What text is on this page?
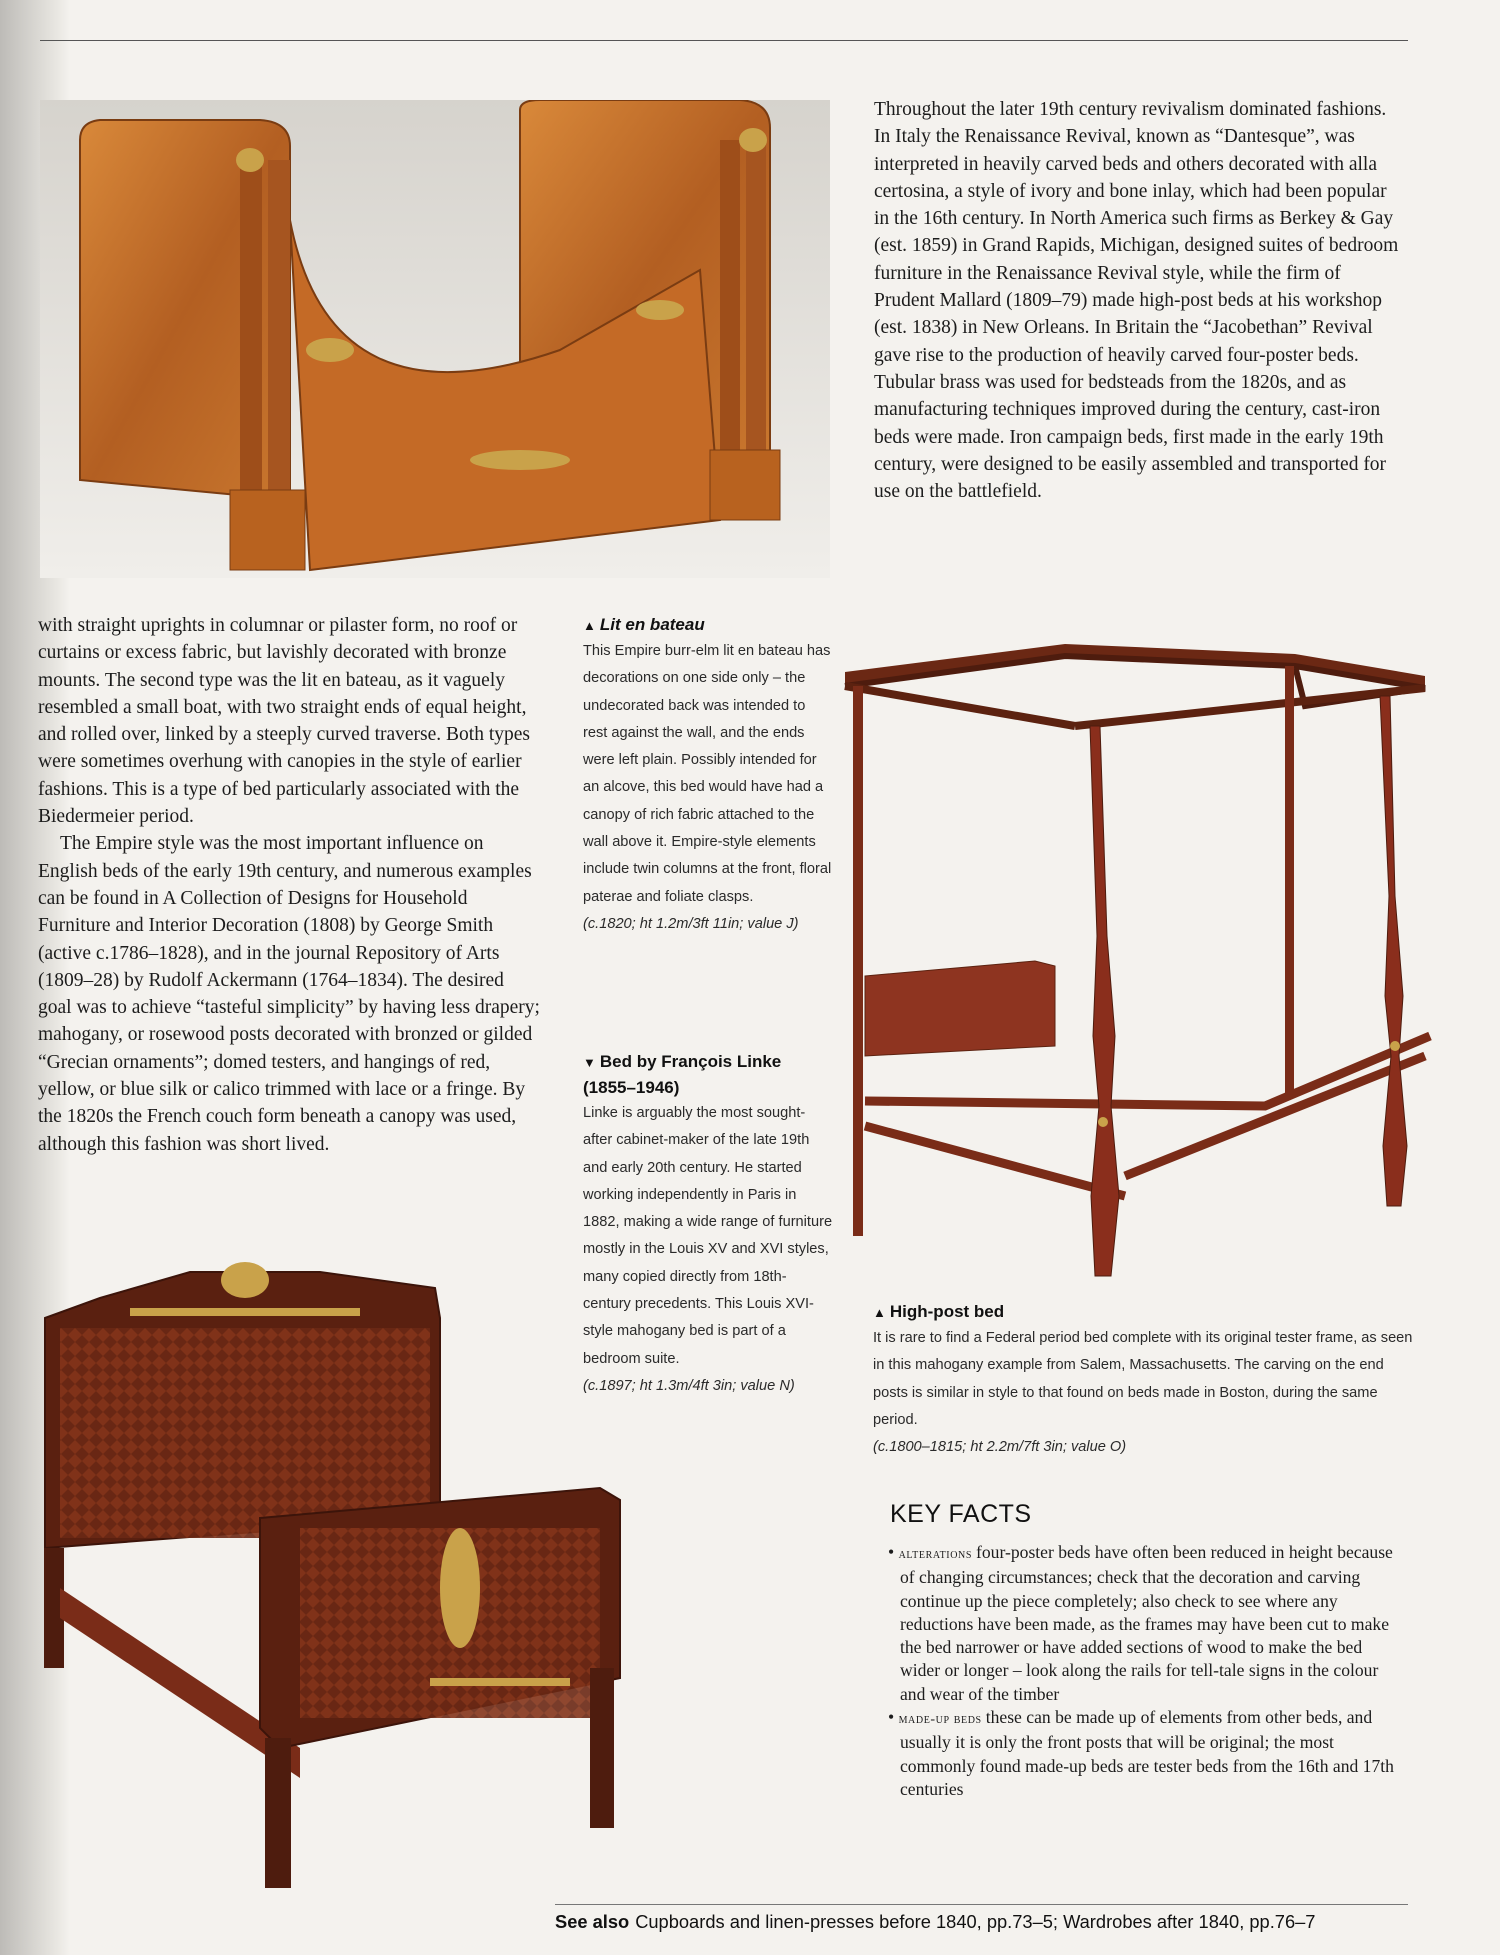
Throughout the later 19th century revivalism dominated fashions. In Italy the Renaissance Revival, known as “Dantesque”, was interpreted in heavily carved beds and others decorated with alla certosina, a style of ivory and bone inlay, which had been popular in the 16th century. In North America such firms as Berkey & Gay (est. 1859) in Grand Rapids, Michigan, designed suites of bedroom furniture in the Renaissance Revival style, while the firm of Prudent Mallard (1809–79) made high-post beds at his workshop (est. 1838) in New Orleans. In Britain the “Jacobethan” Revival gave rise to the production of heavily carved four-poster beds. Tubular brass was used for bedsteads from the 1820s, and as manufacturing techniques improved during the century, cast-iron beds were made. Iron campaign beds, first made in the early 19th century, were designed to be easily assembled and transported for use on the battlefield.

with straight uprights in columnar or pilaster form, no roof or curtains or excess fabric, but lavishly decorated with bronze mounts. The second type was the lit en bateau, as it vaguely resembled a small boat, with two straight ends of equal height, and rolled over, linked by a steeply curved traverse. Both types were sometimes overhung with canopies in the style of earlier fashions. This is a type of bed particularly associated with the Biedermeier period.

The Empire style was the most important influence on English beds of the early 19th century, and numerous examples can be found in A Collection of Designs for Household Furniture and Interior Decoration (1808) by George Smith (active c.1786–1828), and in the journal Repository of Arts (1809–28) by Rudolf Ackermann (1764–1834). The desired goal was to achieve “tasteful simplicity” by having less drapery; mahogany, or rosewood posts decorated with bronzed or gilded “Grecian ornaments”; domed testers, and hangings of red, yellow, or blue silk or calico trimmed with lace or a fringe. By the 1820s the French couch form beneath a canopy was used, although this fashion was short lived.

▲ Lit en bateau
This Empire burr-elm lit en bateau has decorations on one side only – the undecorated back was intended to rest against the wall, and the ends were left plain. Possibly intended for an alcove, this bed would have had a canopy of rich fabric attached to the wall above it. Empire-style elements include twin columns at the front, floral paterae and foliate clasps.
(c.1820; ht 1.2m/3ft 11in; value J)
▼ Bed by François Linke (1855–1946)
Linke is arguably the most sought-after cabinet-maker of the late 19th and early 20th century. He started working independently in Paris in 1882, making a wide range of furniture mostly in the Louis XV and XVI styles, many copied directly from 18th-century precedents. This Louis XVI-style mahogany bed is part of a bedroom suite.
(c.1897; ht 1.3m/4ft 3in; value N)
▲ High-post bed
It is rare to find a Federal period bed complete with its original tester frame, as seen in this mahogany example from Salem, Massachusetts. The carving on the end posts is similar in style to that found on beds made in Boston, during the same period.
(c.1800–1815; ht 2.2m/7ft 3in; value O)
KEY FACTS
• alterations four-poster beds have often been reduced in height because of changing circumstances; check that the decoration and carving continue up the piece completely; also check to see where any reductions have been made, as the frames may have been cut to make the bed narrower or have added sections of wood to make the bed wider or longer – look along the rails for tell-tale signs in the colour and wear of the timber
• made-up beds these can be made up of elements from other beds, and usually it is only the front posts that will be original; the most commonly found made-up beds are tester beds from the 16th and 17th centuries
See also Cupboards and linen-presses before 1840, pp.73–5; Wardrobes after 1840, pp.76–7
